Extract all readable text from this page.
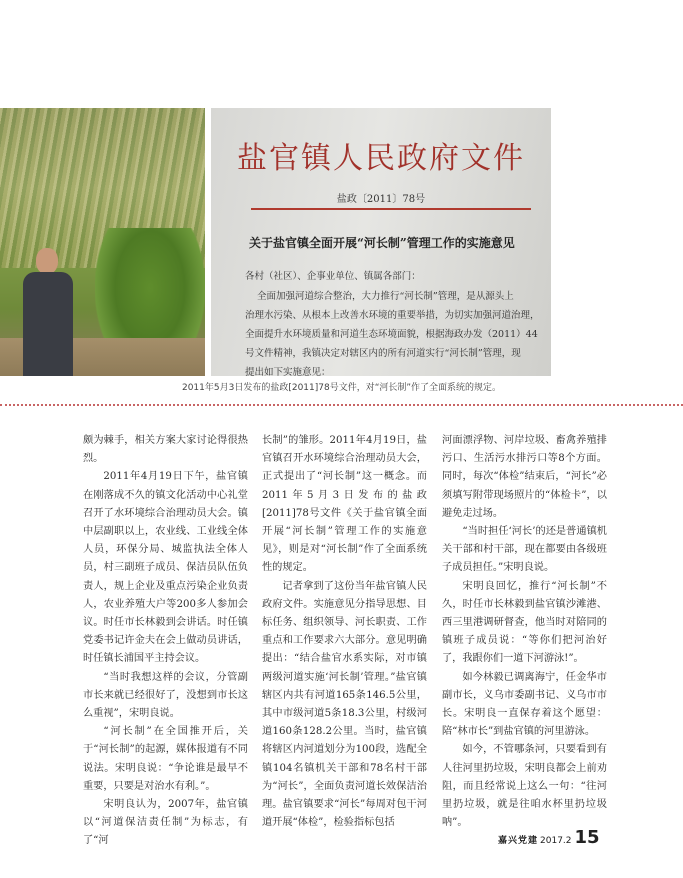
盐官镇人民政府文件
盐政〔2011〕78号
关于盐官镇全面开展“河长制”管理工作的实施意见
各村（社区）、企事业单位、镇属各部门：
全面加强河道综合整治，大力推行“河长制”管理，是从源头上
治理水污染、从根本上改善水环境的重要举措，为切实加强河道治理，
全面提升水环境质量和河道生态环境面貌，根据海政办发（2011）44
号文件精神，我镇决定对辖区内的所有河道实行“河长制”管理，现
提出如下实施意见：
2011年5月3日发布的盐政[2011]78号文件，对“河长制”作了全面系统的规定。

颇为棘手，相关方案大家讨论得很热烈。

2011年4月19日下午，盐官镇在刚落成不久的镇文化活动中心礼堂召开了水环境综合治理动员大会。镇中层副职以上，农业线、工业线全体人员，环保分局、城监执法全体人员，村三副班子成员、保洁员队伍负责人，规上企业及重点污染企业负责人，农业养殖大户等200多人参加会议。时任市长林毅到会讲话。时任镇党委书记许金夫在会上做动员讲话，时任镇长浦国平主持会议。

“当时我想这样的会议，分管副市长来就已经很好了，没想到市长这么重视”，宋明良说。

“河长制”在全国推开后，关于“河长制”的起源，媒体报道有不同说法。宋明良说：“争论谁是最早不重要，只要是对治水有利。”。

宋明良认为，2007年，盐官镇以“河道保洁责任制”为标志，有了“河

长制”的雏形。2011年4月19日，盐官镇召开水环境综合治理动员大会，正式提出了“河长制”这一概念。而2011年5月3日发布的盐政[2011]78号文件《关于盐官镇全面开展“河长制”管理工作的实施意见》，则是对“河长制”作了全面系统性的规定。

记者拿到了这份当年盐官镇人民政府文件。实施意见分指导思想、目标任务、组织领导、河长职责、工作重点和工作要求六大部分。意见明确提出：“结合盐官水系实际，对市镇两级河道实施‘河长制’管理。”盐官镇辖区内共有河道165条146.5公里，其中市级河道5条18.3公里，村级河道160条128.2公里。当时，盐官镇将辖区内河道划分为100段，选配全镇104名镇机关干部和78名村干部为“河长”，全面负责河道长效保洁治理。盐官镇要求“河长”每周对包干河道开展“体检”，检验指标包括

河面漂浮物、河岸垃圾、畜禽养殖排污口、生活污水排污口等8个方面。同时，每次“体检”结束后，“河长”必须填写附带现场照片的“体检卡”，以避免走过场。

“当时担任‘河长’的还是普通镇机关干部和村干部，现在都要由各级班子成员担任。”宋明良说。

宋明良回忆，推行“河长制”不久，时任市长林毅到盐官镇沙滩港、西三里港调研督查，他当时对陪同的镇班子成员说：“等你们把河治好了，我跟你们一道下河游泳!”。

如今林毅已调离海宁，任金华市副市长，义乌市委副书记、义乌市市长。宋明良一直保存着这个愿望：陪“林市长”到盐官镇的河里游泳。

如今，不管哪条河，只要看到有人往河里扔垃圾，宋明良都会上前劝阻，而且经常说上这么一句：“往河里扔垃圾，就是往咱水杯里扔垃圾呐”。

嘉兴党建 2017.2 15
